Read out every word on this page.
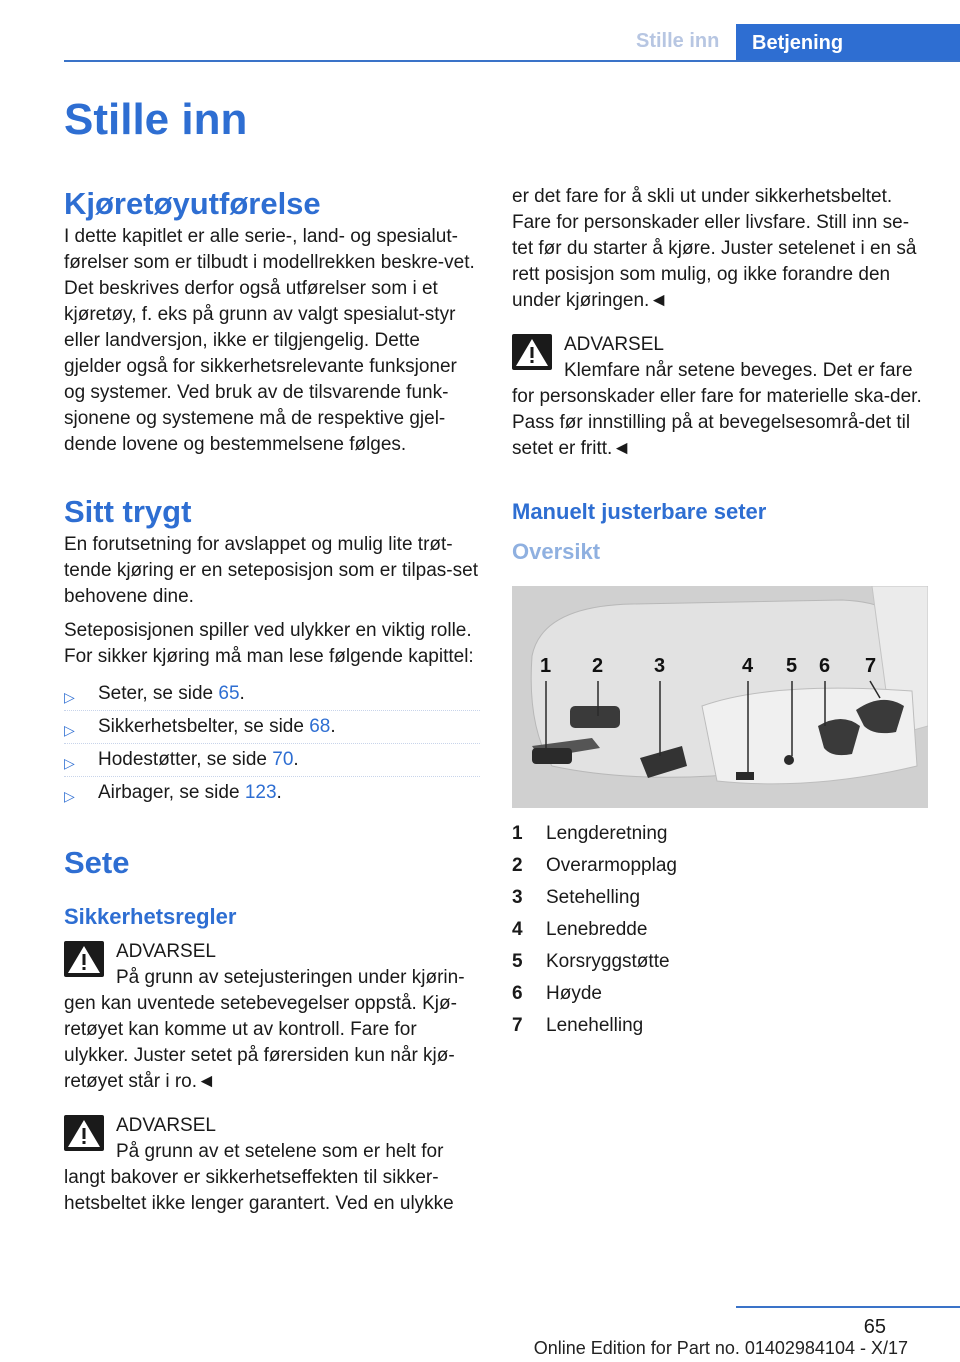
Stille inn	Betjening
Stille inn
Kjøretøyutførelse

I dette kapitlet er alle serie-, land- og spesialut-førelser som er tilbudt i modellrekken beskre-vet. Det beskrives derfor også utførelser som i et kjøretøy, f. eks på grunn av valgt spesialut-styr eller landversjon, ikke er tilgjengelig. Dette gjelder også for sikkerhetsrelevante funksjoner og systemer. Ved bruk av de tilsvarende funk-sjonene og systemene må de respektive gjel-dende lovene og bestemmelsene følges.

Sitt trygt

En forutsetning for avslappet og mulig lite trøt-tende kjøring er en seteposisjon som er tilpas-set behovene dine.

Seteposisjonen spiller ved ulykker en viktig rolle. For sikker kjøring må man lese følgende kapittel:

▷ Seter, se side 65.
▷ Sikkerhetsbelter, se side 68.
▷ Hodestøtter, se side 70.
▷ Airbager, se side 123.
Sete
Sikkerhetsregler
ADVARSEL
På grunn av setejusteringen under kjørin-

gen kan uventede setebevegelser oppstå. Kjø-retøyet kan komme ut av kontroll. Fare for ulykker. Juster setet på førersiden kun når kjø-retøyet står i ro.◄

ADVARSEL
På grunn av et setelene som er helt for

langt bakover er sikkerhetseffekten til sikker-hetsbeltet ikke lenger garantert. Ved en ulykke

er det fare for å skli ut under sikkerhetsbeltet. Fare for personskader eller livsfare. Still inn se-tet før du starter å kjøre. Juster setelenet i en så rett posisjon som mulig, og ikke forandre den under kjøringen.◄

ADVARSEL
Klemfare når setene beveges. Det er fare

for personskader eller fare for materielle ska-der. Pass før innstilling på at bevegelsesområ-det til setet er fritt.◄

Manuelt justerbare seter
Oversikt
1 2	3	4 5 6 7
1	Lengderetning
2	Overarmopplag
3	Setehelling
4	Lenebredde
5	Korsryggstøtte
6	Høyde
7	Lenehelling
65
Online Edition for Part no. 01402984104 - X/17
